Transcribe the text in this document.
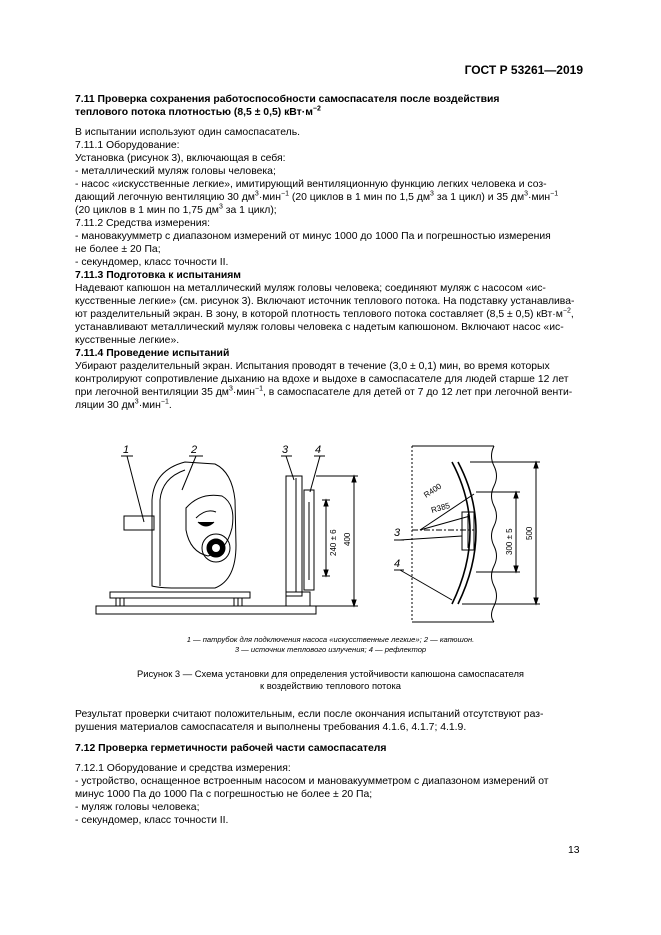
ГОСТ Р 53261—2019
7.11 Проверка сохранения работоспособности самоспасателя после воздействия
теплового потока плотностью (8,5 ± 0,5) $кВт\cdot м^{-2}$
В испытании используют один самоспасатель.
7.11.1 Оборудование:
Установка (рисунок 3), включающая в себя:
- металлический муляж головы человека;
- насос «искусственные легкие», имитирующий вентиляционную функцию легких человека и соз-
дающий легочную вентиляцию 30 $дм^3\cdot мин^{-1}$ (20 циклов в 1 мин по 1,5 $дм^3$ за 1 цикл) и 35 $дм^3\cdot мин^{-1}$
(20 циклов в 1 мин по 1,75 $дм^3$ за 1 цикл);
7.11.2 Средства измерения:
- мановакуумметр с диапазоном измерений от минус 1000 до 1000 Па и погрешностью измерения
не более ± 20 Па;
- секундомер, класс точности II.
7.11.3 Подготовка к испытаниям
Надевают капюшон на металлический муляж головы человека; соединяют муляж с насосом «ис-
кусственные легкие» (см. рисунок 3). Включают источник теплового потока. На подставку устанавлива-
ют разделительный экран. В зону, в которой плотность теплового потока составляет (8,5 ± 0,5) $кВт\cdot м^{-2}$,
устанавливают металлический муляж головы человека с надетым капюшоном. Включают насос «ис-
кусственные легкие».
7.11.4 Проведение испытаний
Убирают разделительный экран. Испытания проводят в течение (3,0 ± 0,1) мин, во время которых
контролируют сопротивление дыханию на вдохе и выдохе в самоспасателе для людей старше 12 лет
при легочной вентиляции 35 $дм^3\cdot мин^{-1}$, в самоспасателе для детей от 7 до 12 лет при легочной венти-
ляции 30 $дм^3\cdot мин^{-1}$.
1	2	3 4
3
4
240 ± 6 400	300 ± 5 500
R400
R385
1 — патрубок для подключения насоса «искусственные легкие»; 2 — капюшон.
3 — источник теплового излучения; 4 — рефлектор
Рисунок 3 — Схема установки для определения устойчивости капюшона самоспасателя
к воздействию теплового потока
Результат проверки считают положительным, если после окончания испытаний отсутствуют раз-
рушения материалов самоспасателя и выполнены требования 4.1.6, 4.1.7; 4.1.9.
7.12 Проверка герметичности рабочей части самоспасателя
7.12.1 Оборудование и средства измерения:
- устройство, оснащенное встроенным насосом и мановакуумметром с диапазоном измерений от
минус 1000 Па до 1000 Па с погрешностью не более ± 20 Па;
- муляж головы человека;
- секундомер, класс точности II.
13
